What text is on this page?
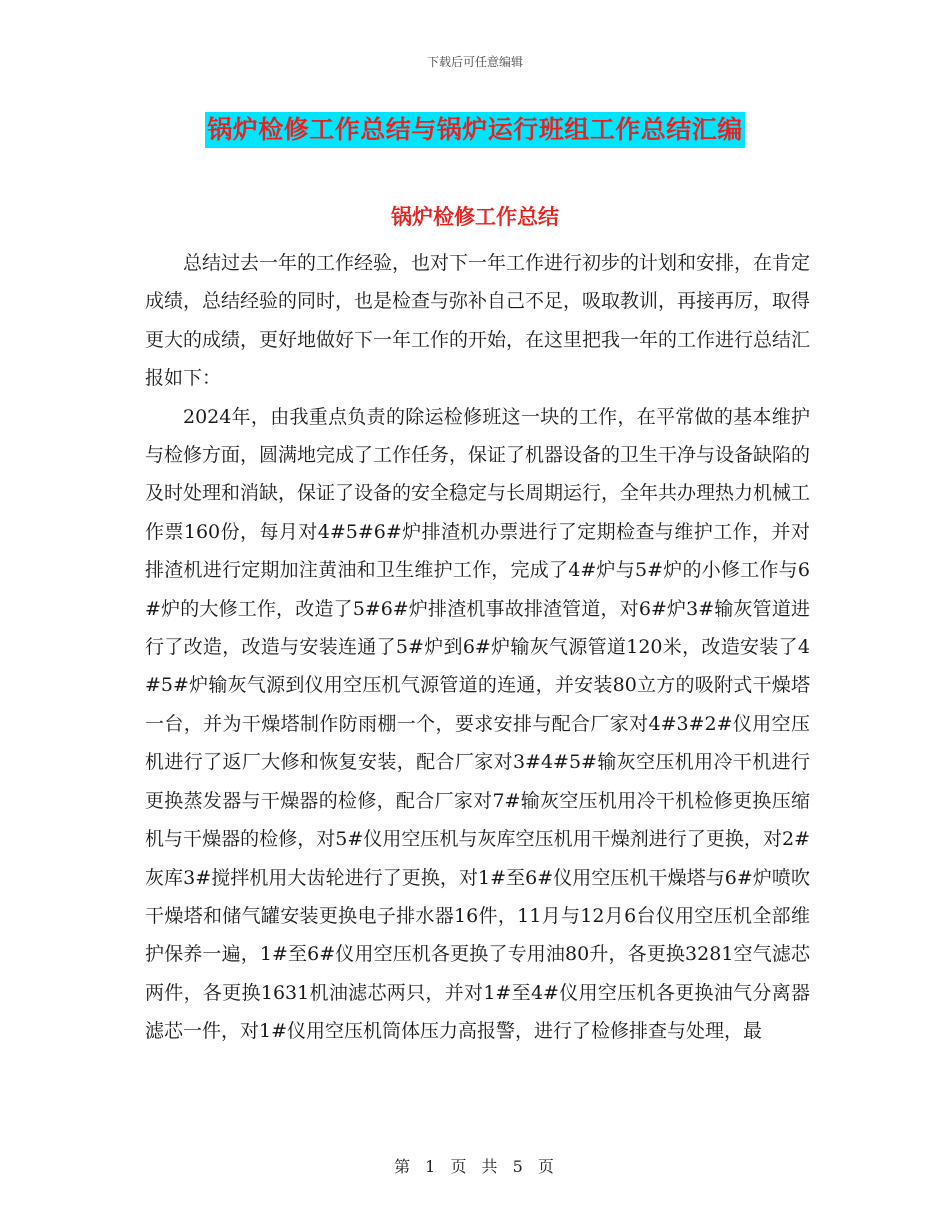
下载后可任意编辑
锅炉检修工作总结与锅炉运行班组工作总结汇编
锅炉检修工作总结

总结过去一年的工作经验，也对下一年工作进行初步的计划和安排，在肯定成绩，总结经验的同时，也是检查与弥补自己不足，吸取教训，再接再厉，取得更大的成绩，更好地做好下一年工作的开始，在这里把我一年的工作进行总结汇报如下：

2024年，由我重点负责的除运检修班这一块的工作，在平常做的基本维护与检修方面，圆满地完成了工作任务，保证了机器设备的卫生干净与设备缺陷的及时处理和消缺，保证了设备的安全稳定与长周期运行，全年共办理热力机械工作票160份，每月对4#5#6#炉排渣机办票进行了定期检查与维护工作，并对排渣机进行定期加注黄油和卫生维护工作，完成了4#炉与5#炉的小修工作与6#炉的大修工作，改造了5#6#炉排渣机事故排渣管道，对6#炉3#输灰管道进行了改造，改造与安装连通了5#炉到6#炉输灰气源管道120米，改造安装了4#5#炉输灰气源到仪用空压机气源管道的连通，并安装80立方的吸附式干燥塔一台，并为干燥塔制作防雨棚一个，要求安排与配合厂家对4#3#2#仪用空压机进行了返厂大修和恢复安装，配合厂家对3#4#5#输灰空压机用冷干机进行更换蒸发器与干燥器的检修，配合厂家对7#输灰空压机用冷干机检修更换压缩机与干燥器的检修，对5#仪用空压机与灰库空压机用干燥剂进行了更换，对2#灰库3#搅拌机用大齿轮进行了更换，对1#至6#仪用空压机干燥塔与6#炉喷吹干燥塔和储气罐安装更换电子排水器16件，11月与12月6台仪用空压机全部维护保养一遍，1#至6#仪用空压机各更换了专用油80升，各更换3281空气滤芯两件，各更换1631机油滤芯两只，并对1#至4#仪用空压机各更换油气分离器滤芯一件，对1#仪用空压机筒体压力高报警，进行了检修排查与处理，最

第 1 页 共 5 页
